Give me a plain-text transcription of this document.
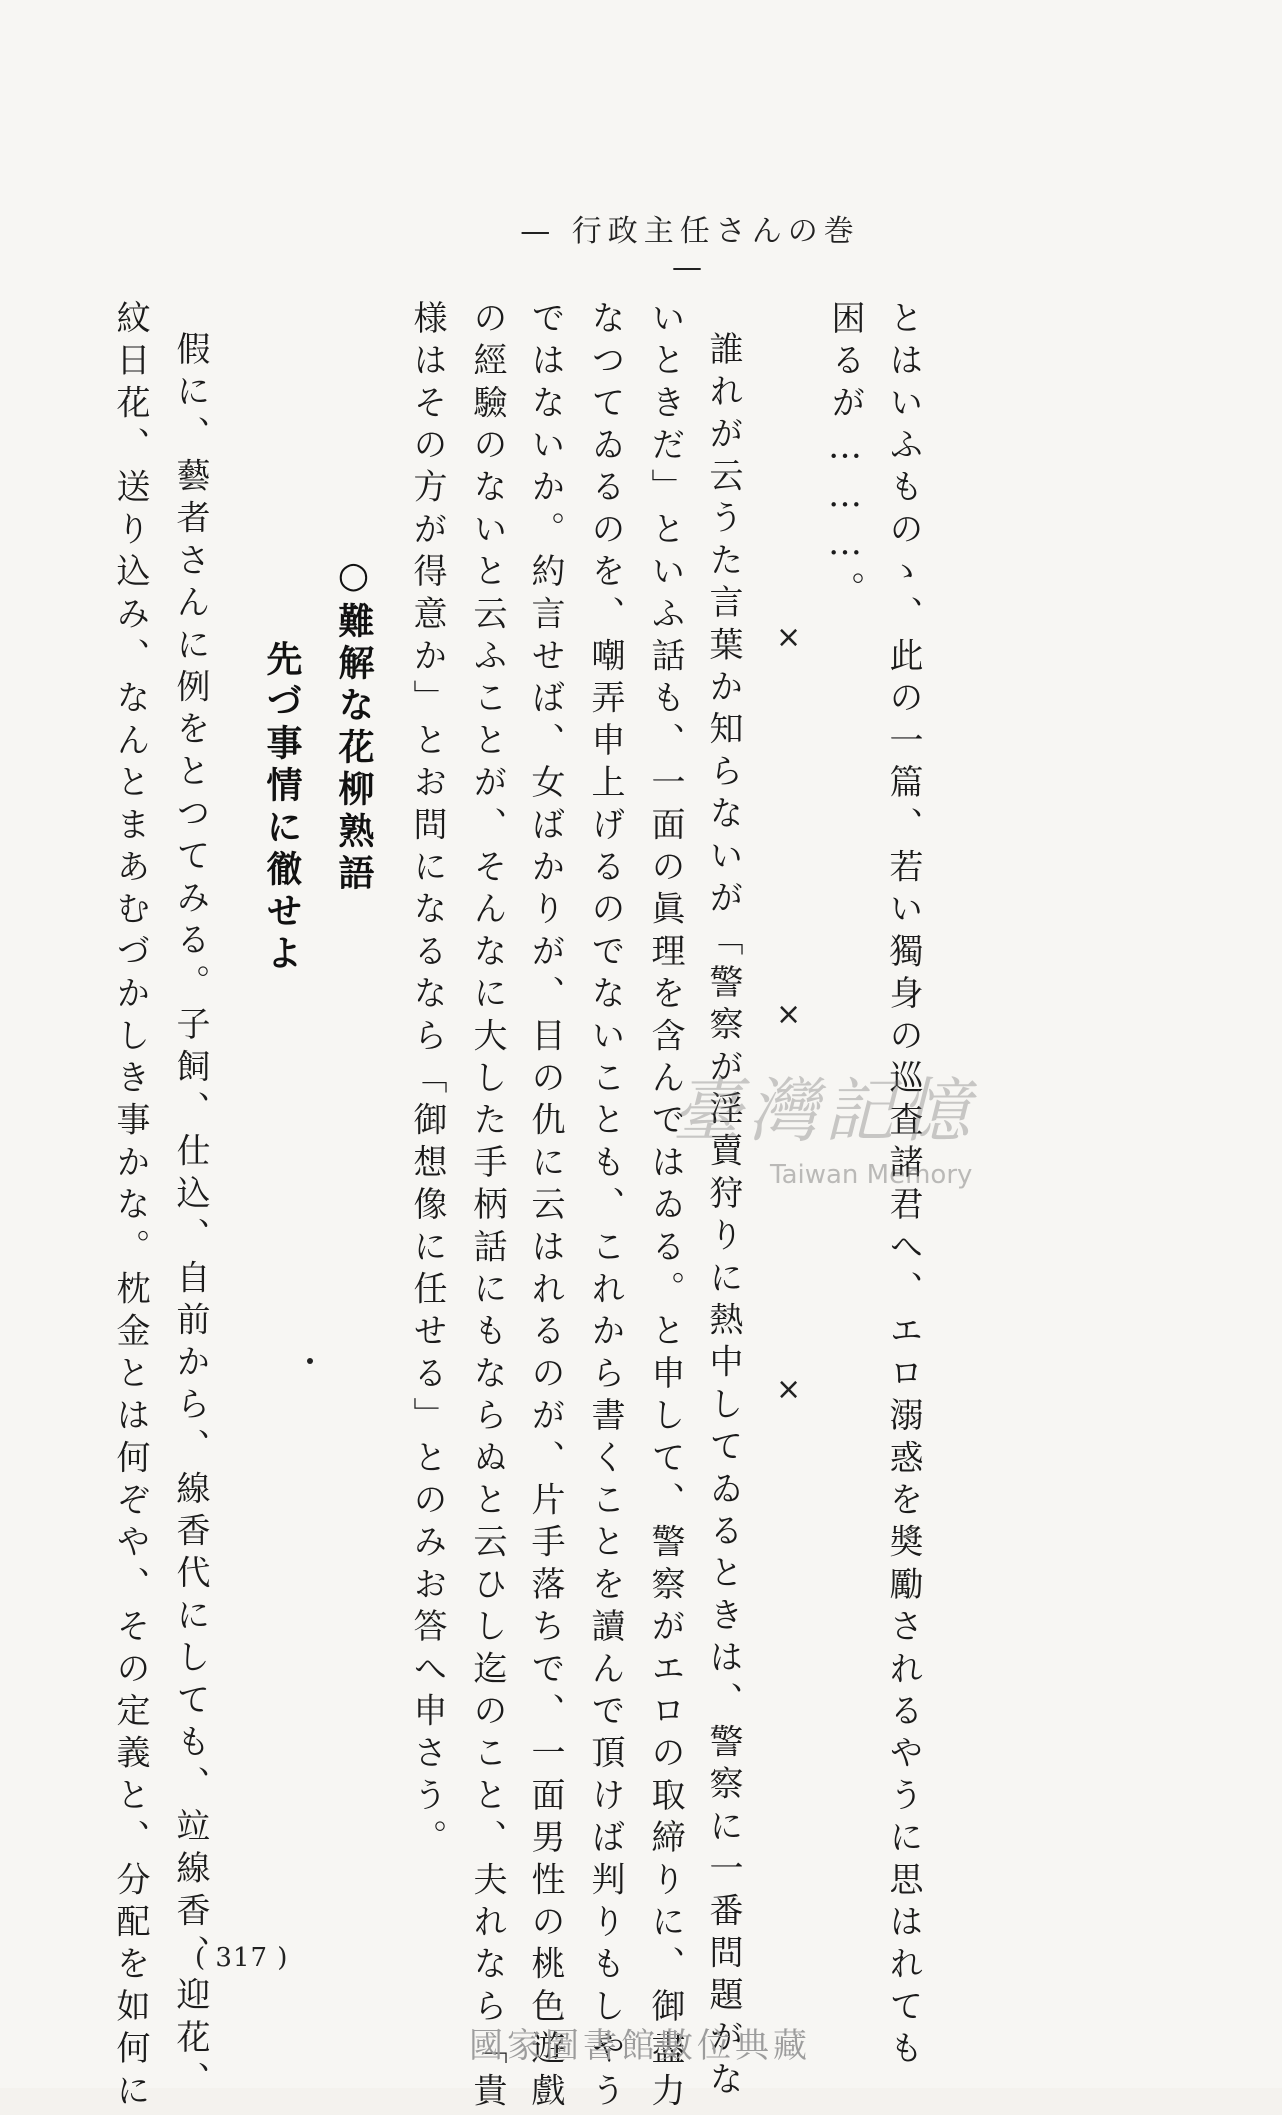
— 行政主任さんの巻 —
とはいふものゝ、此の一篇、若い獨身の巡査諸君へ、エロ溺惑を奬勵されるやうに思はれても
困るが………。
×
×
×
誰れが云うた言葉か知らないが「警察が淫賣狩りに熱中してゐるときは、警察に一番問題がな
いときだ」といふ話も、一面の眞理を含んではゐる。と申して、警察がエロの取締りに、御盡力
なつてゐるのを、嘲弄申上げるのでないことも、これから書くことを讀んで頂けば判りもしやう
ではないか。約言せば、女ばかりが、目の仇に云はれるのが、片手落ちで、一面男性の桃色遊戲
の經驗のないと云ふことが、そんなに大した手柄話にもならぬと云ひし迄のこと、夫れなら「貴
様はその方が得意か」とお問になるなら「御想像に任せる」とのみお答へ申さう。
○難解な花柳熟語
先づ事情に徹せよ
假に、藝者さんに例をとつてみる。子飼、仕込、自前から、線香代にしても、竝線香、迎花、
紋日花、送り込み、なんとまあむづかしき事かな。枕金とは何ぞや、その定義と、分配を如何に	臺灣記憶
Taiwan Memory
( 317 )
國家圖書館數位典藏
